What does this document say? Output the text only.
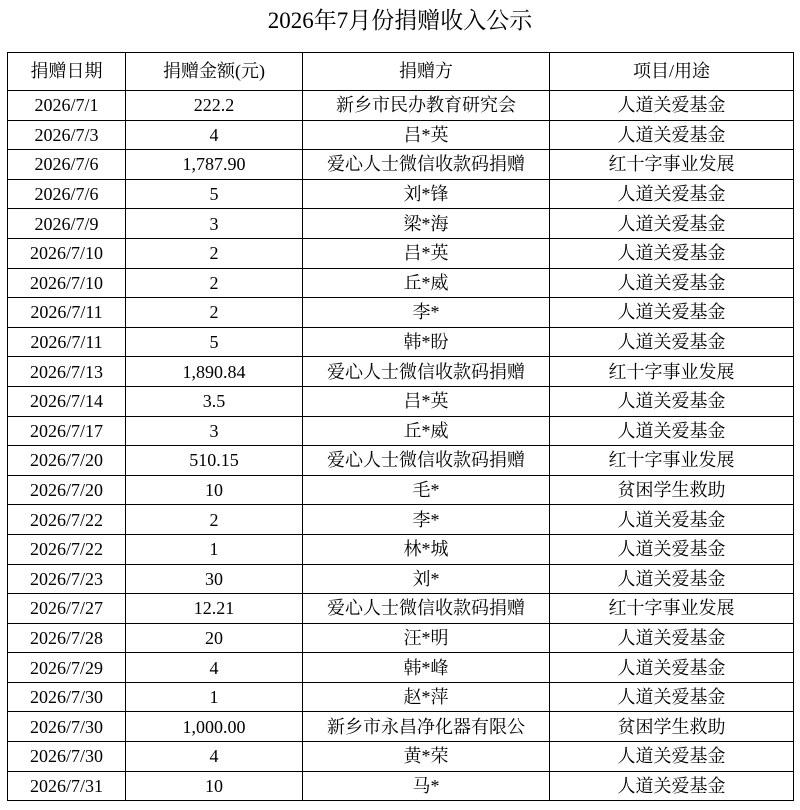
2026年7月份捐赠收入公示
捐赠日期	捐赠金额(元)	捐赠方	项目/用途
2026/7/1	222.2	新乡市民办教育研究会	人道关爱基金
2026/7/3	4	吕*英	人道关爱基金
2026/7/6	1,787.90	爱心人士微信收款码捐赠	红十字事业发展
2026/7/6	5	刘*锋	人道关爱基金
2026/7/9	3	梁*海	人道关爱基金
2026/7/10	2	吕*英	人道关爱基金
2026/7/10	2	丘*威	人道关爱基金
2026/7/11	2	李*	人道关爱基金
2026/7/11	5	韩*盼	人道关爱基金
2026/7/13	1,890.84	爱心人士微信收款码捐赠	红十字事业发展
2026/7/14	3.5	吕*英	人道关爱基金
2026/7/17	3	丘*威	人道关爱基金
2026/7/20	510.15	爱心人士微信收款码捐赠	红十字事业发展
2026/7/20	10	毛*	贫困学生救助
2026/7/22	2	李*	人道关爱基金
2026/7/22	1	林*城	人道关爱基金
2026/7/23	30	刘*	人道关爱基金
2026/7/27	12.21	爱心人士微信收款码捐赠	红十字事业发展
2026/7/28	20	汪*明	人道关爱基金
2026/7/29	4	韩*峰	人道关爱基金
2026/7/30	1	赵*萍	人道关爱基金
2026/7/30	1,000.00	新乡市永昌净化器有限公	贫困学生救助
2026/7/30	4	黄*荣	人道关爱基金
2026/7/31	10	马*	人道关爱基金
